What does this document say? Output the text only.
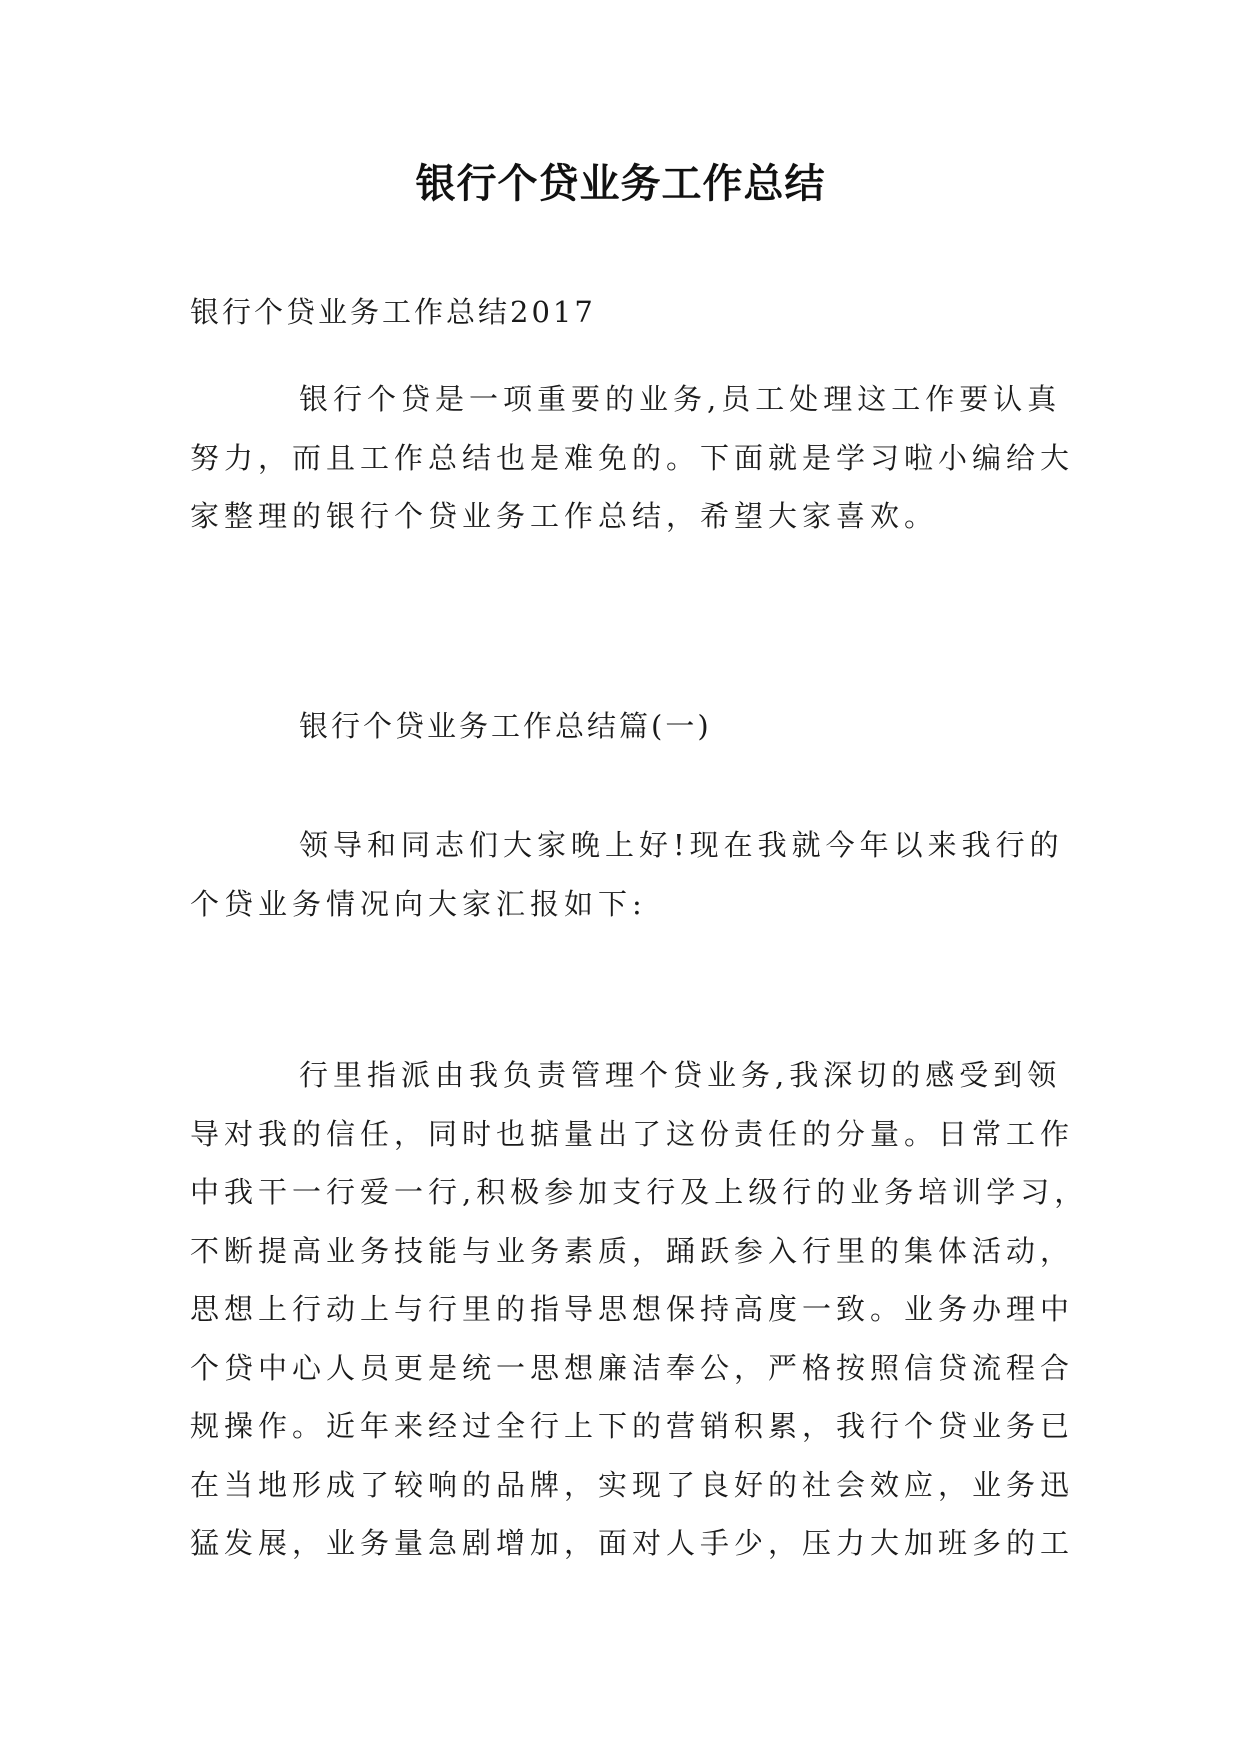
银行个贷业务工作总结
银行个贷业务工作总结2017
银行个贷是一项重要的业务,员工处理这工作要认真
努力，而且工作总结也是难免的。下面就是学习啦小编给大
家整理的银行个贷业务工作总结，希望大家喜欢。
银行个贷业务工作总结篇(一)
领导和同志们大家晚上好!现在我就今年以来我行的
个贷业务情况向大家汇报如下:
行里指派由我负责管理个贷业务,我深切的感受到领
导对我的信任，同时也掂量出了这份责任的分量。日常工作
中我干一行爱一行,积极参加支行及上级行的业务培训学习，
不断提高业务技能与业务素质，踊跃参入行里的集体活动，
思想上行动上与行里的指导思想保持高度一致。业务办理中
个贷中心人员更是统一思想廉洁奉公，严格按照信贷流程合
规操作。近年来经过全行上下的营销积累，我行个贷业务已
在当地形成了较响的品牌，实现了良好的社会效应，业务迅
猛发展，业务量急剧增加，面对人手少，压力大加班多的工
